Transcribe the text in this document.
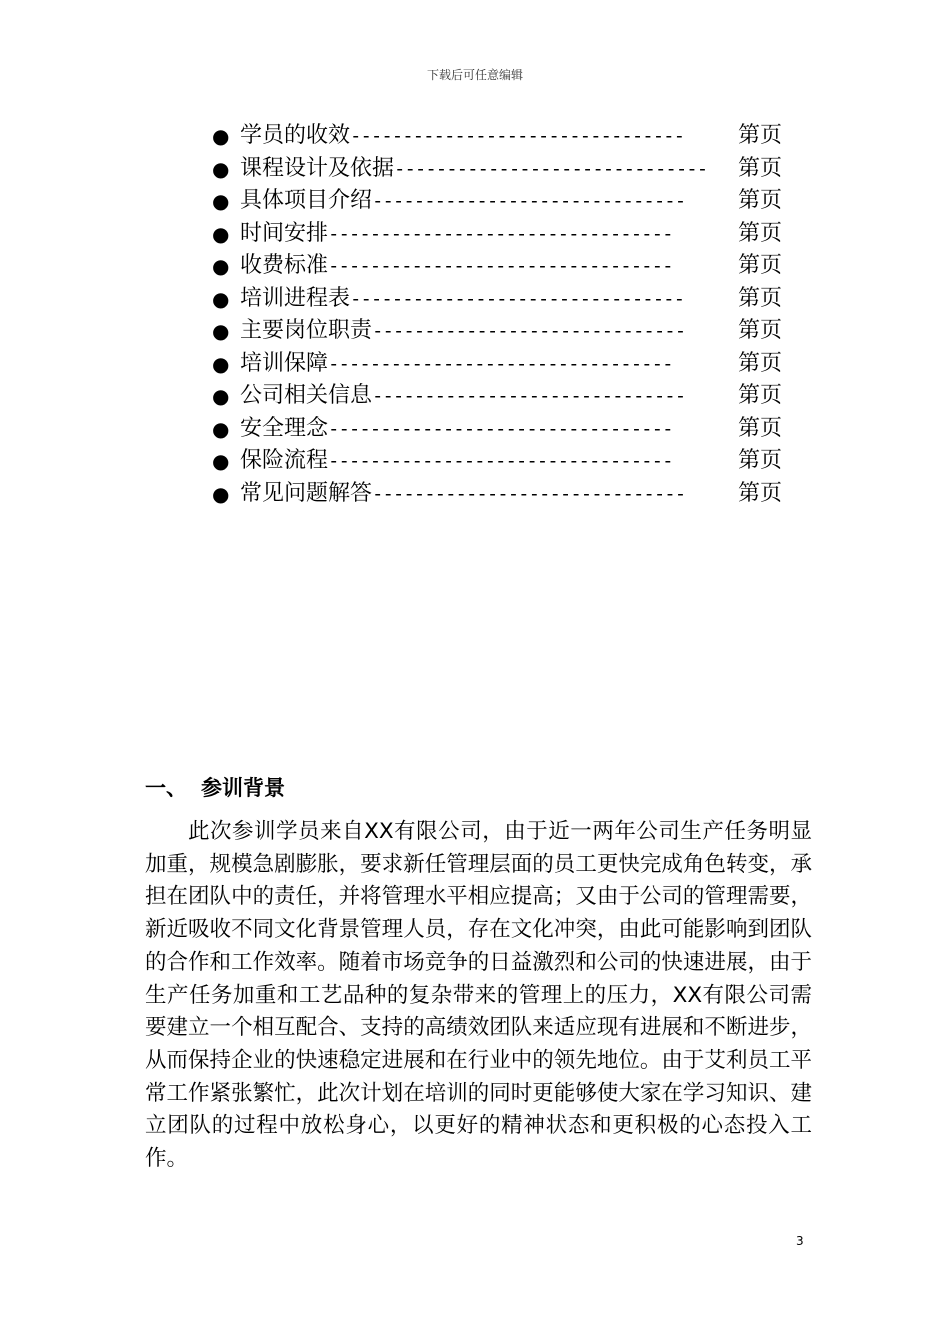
下载后可任意编辑
● 学员的收效 --------------------------------	第页
● 课程设计及依据 ------------------------------	第页
● 具体项目介绍 ------------------------------	第页
● 时间安排 ---------------------------------	第页
● 收费标准 ---------------------------------	第页
● 培训进程表 --------------------------------	第页
● 主要岗位职责 ------------------------------	第页
● 培训保障 ---------------------------------	第页
● 公司相关信息 ------------------------------	第页
● 安全理念 ---------------------------------	第页
● 保险流程 ---------------------------------	第页
● 常见问题解答 ------------------------------	第页
一、 参训背景
此次参训学员来自XX有限公司，由于近一两年公司生产任务明显加重，规模急剧膨胀，要求新任管理层面的员工更快完成角色转变，承担在团队中的责任，并将管理水平相应提高；又由于公司的管理需要，新近吸收不同文化背景管理人员，存在文化冲突，由此可能影响到团队的合作和工作效率。随着市场竞争的日益激烈和公司的快速进展，由于生产任务加重和工艺品种的复杂带来的管理上的压力，XX有限公司需要建立一个相互配合、支持的高绩效团队来适应现有进展和不断进步，从而保持企业的快速稳定进展和在行业中的领先地位。由于艾利员工平常工作紧张繁忙，此次计划在培训的同时更能够使大家在学习知识、建立团队的过程中放松身心，以更好的精神状态和更积极的心态投入工作。
3
